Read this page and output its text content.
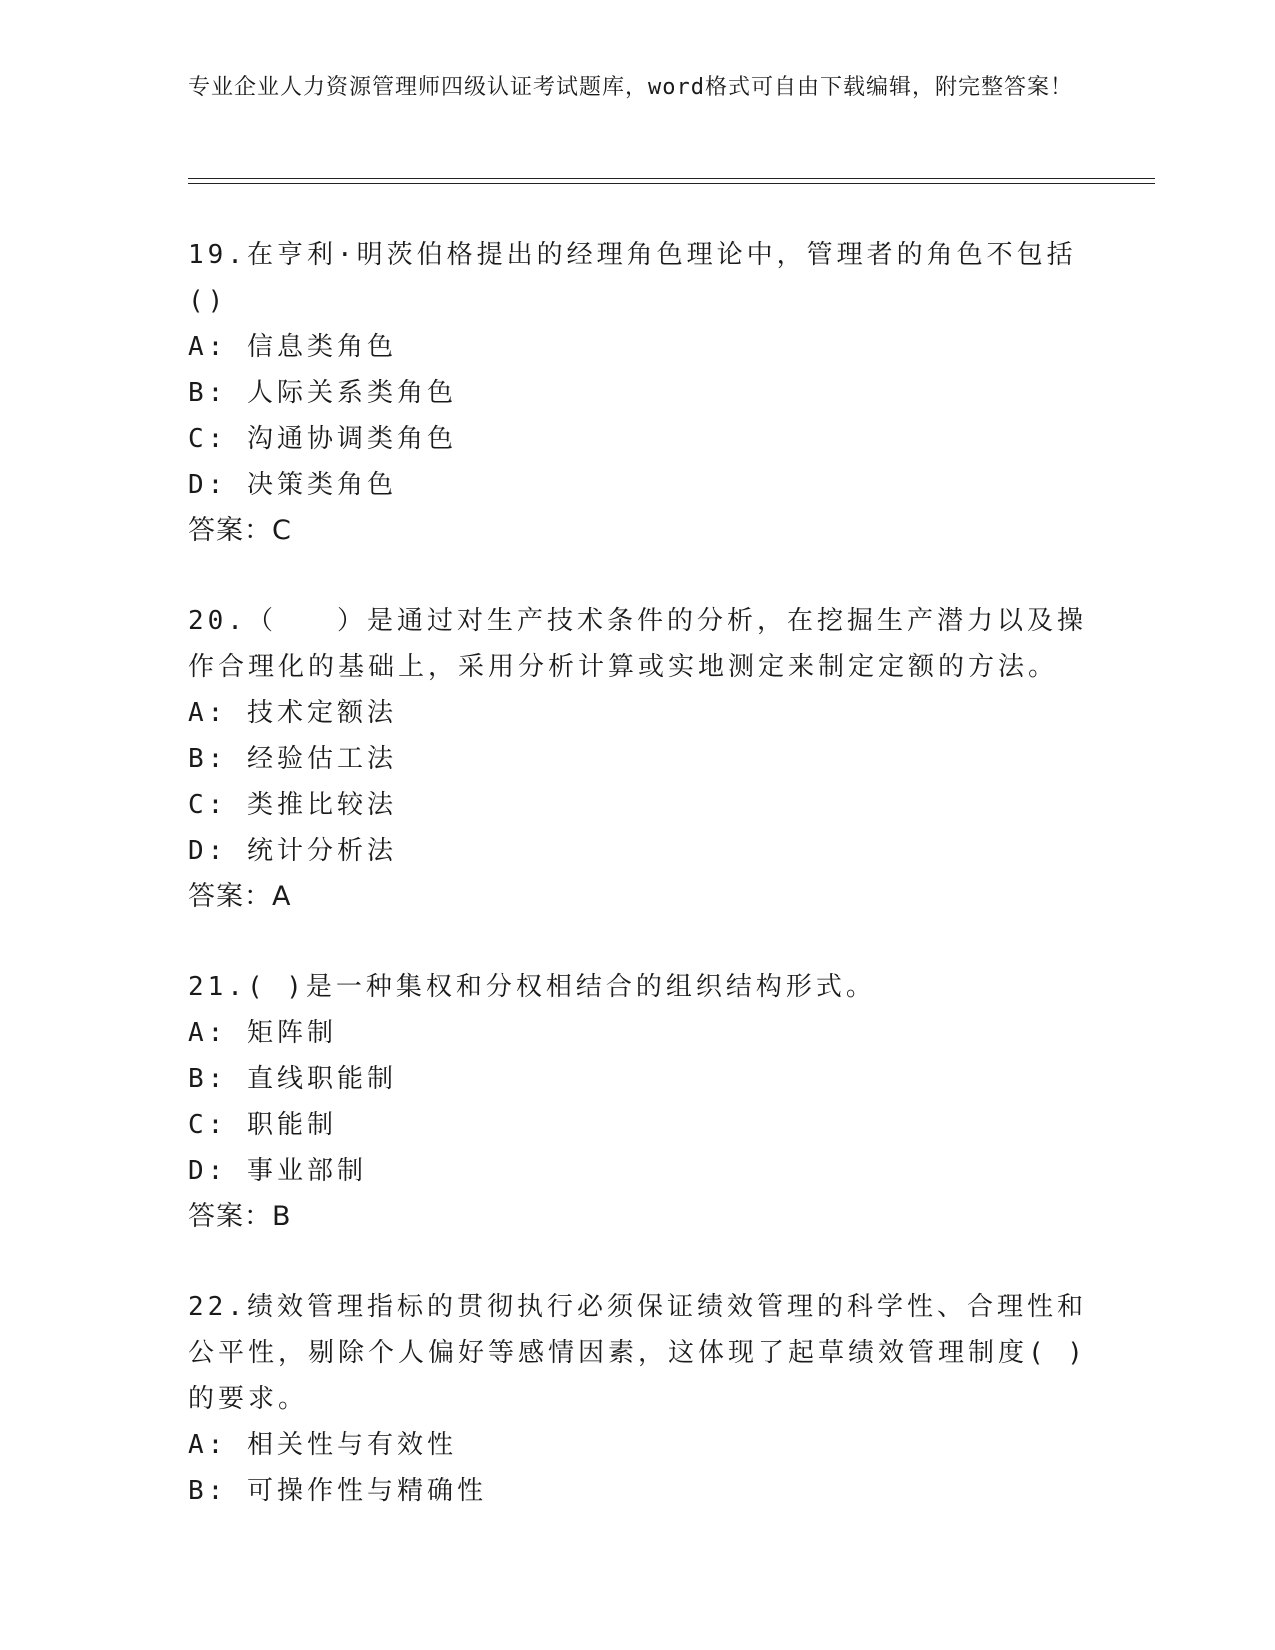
专业企业人力资源管理师四级认证考试题库，word格式可自由下载编辑，附完整答案！
19.在亨利·明茨伯格提出的经理角色理论中，管理者的角色不包括()
A: 信息类角色
B: 人际关系类角色
C: 沟通协调类角色
D: 决策类角色
答案：C
20.（　　）是通过对生产技术条件的分析，在挖掘生产潜力以及操作合理化的基础上，采用分析计算或实地测定来制定定额的方法。
A: 技术定额法
B: 经验估工法
C: 类推比较法
D: 统计分析法
答案：A
21.( )是一种集权和分权相结合的组织结构形式。
A: 矩阵制
B: 直线职能制
C: 职能制
D: 事业部制
答案：B
22.绩效管理指标的贯彻执行必须保证绩效管理的科学性、合理性和公平性，剔除个人偏好等感情因素，这体现了起草绩效管理制度( )的要求。
A: 相关性与有效性
B: 可操作性与精确性
